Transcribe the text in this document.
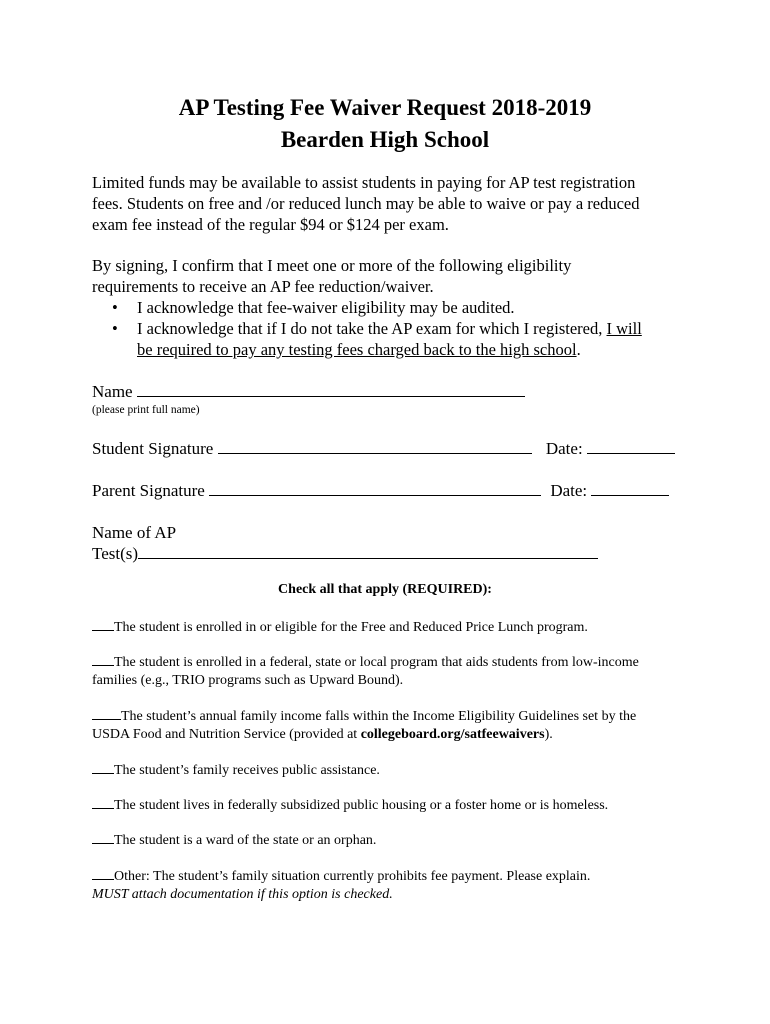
AP Testing Fee Waiver Request 2018-2019
Bearden High School
Limited funds may be available to assist students in paying for AP test registration
fees. Students on free and /or reduced lunch may be able to waive or pay a reduced
exam fee instead of the regular $94 or $124 per exam.
By signing, I confirm that I meet one or more of the following eligibility
requirements to receive an AP fee reduction/waiver.
• I acknowledge that fee-waiver eligibility may be audited.
• I acknowledge that if I do not take the AP exam for which I registered, I will
be required to pay any testing fees charged back to the high school.
Name
(please print full name)
Student Signature	Date:
Parent Signature	Date:
Name of AP
Test(s)
Check all that apply (REQUIRED):
The student is enrolled in or eligible for the Free and Reduced Price Lunch program.
The student is enrolled in a federal, state or local program that aids students from low-income
families (e.g., TRIO programs such as Upward Bound).
The student’s annual family income falls within the Income Eligibility Guidelines set by the
USDA Food and Nutrition Service (provided at collegeboard.org/satfeewaivers).
The student’s family receives public assistance.
The student lives in federally subsidized public housing or a foster home or is homeless.
The student is a ward of the state or an orphan.
Other: The student’s family situation currently prohibits fee payment. Please explain.
MUST attach documentation if this option is checked.
